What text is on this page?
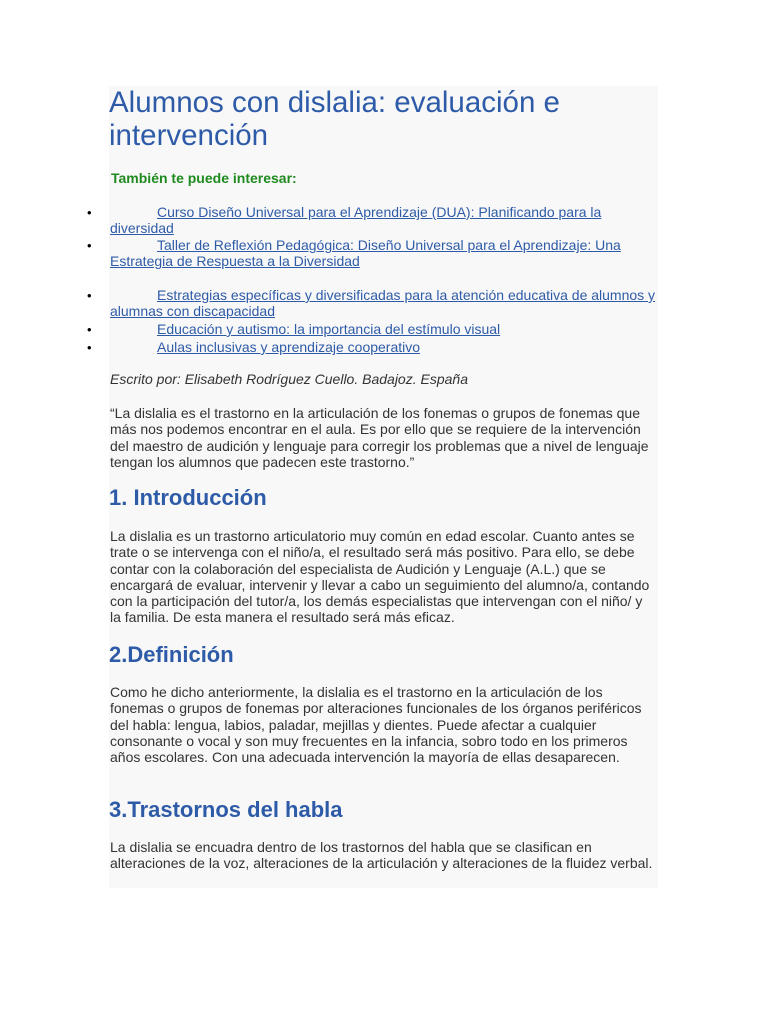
Alumnos con dislalia: evaluación e intervención

También te puede interesar:

•	Curso Diseño Universal para el Aprendizaje (DUA): Planificando para la diversidad
•	Taller de Reflexión Pedagógica: Diseño Universal para el Aprendizaje: Una Estrategia de Respuesta a la Diversidad
•	Estrategias específicas y diversificadas para la atención educativa de alumnos y alumnas con discapacidad
•	Educación y autismo: la importancia del estímulo visual
•	Aulas inclusivas y aprendizaje cooperativo

Escrito por: Elisabeth Rodríguez Cuello. Badajoz. España

“La dislalia es el trastorno en la articulación de los fonemas o grupos de fonemas que más nos podemos encontrar en el aula. Es por ello que se requiere de la intervención del maestro de audición y lenguaje para corregir los problemas que a nivel de lenguaje tengan los alumnos que padecen este trastorno.”

1. Introducción

La dislalia es un trastorno articulatorio muy común en edad escolar. Cuanto antes se trate o se intervenga con el niño/a, el resultado será más positivo. Para ello, se debe contar con la colaboración del especialista de Audición y Lenguaje (A.L.) que se encargará de evaluar, intervenir y llevar a cabo un seguimiento del alumno/a, contando con la participación del tutor/a, los demás especialistas que intervengan con el niño/ y la familia. De esta manera el resultado será más eficaz.

2.Definición

Como he dicho anteriormente, la dislalia es el trastorno en la articulación de los fonemas o grupos de fonemas por alteraciones funcionales de los órganos periféricos del habla: lengua, labios, paladar, mejillas y dientes. Puede afectar a cualquier consonante o vocal y son muy frecuentes en la infancia, sobro todo en los primeros años escolares. Con una adecuada intervención la mayoría de ellas desaparecen.

3.Trastornos del habla

La dislalia se encuadra dentro de los trastornos del habla que se clasifican en alteraciones de la voz, alteraciones de la articulación y alteraciones de la fluidez verbal.
